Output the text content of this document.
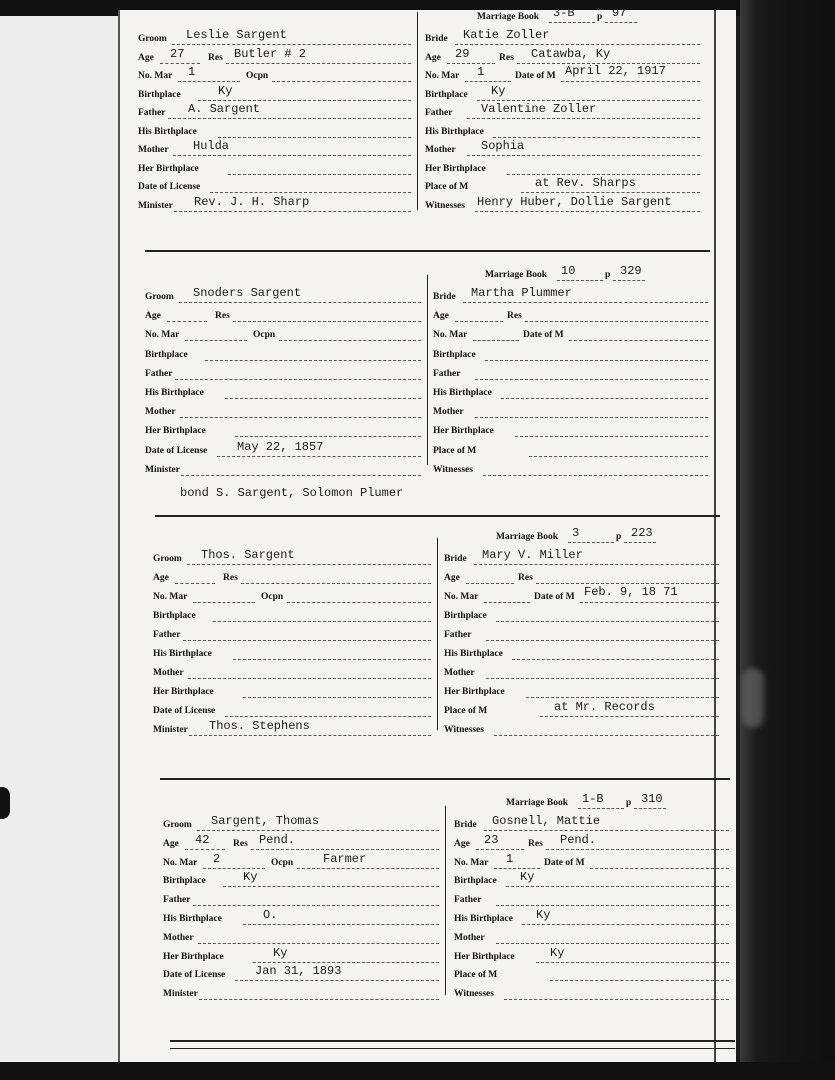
Marriage Book 3-B p 97
Groom Leslie Sargent
Age 27 Res Butler # 2
No. Mar 1	Ocpn
Birthplace	Ky
Father A. Sargent
His Birthplace
Mother Hulda
Her Birthplace
Date of License
Minister Rev. J. H. Sharp
Bride Katie Zoller
Age 29	Res Catawba, Ky
No. Mar 1	Date of M April 22, 1917
Birthplace Ky
Father Valentine Zoller
His Birthplace
Mother Sophia
Her Birthplace
Place of M	at Rev. Sharps
Witnesses Henry Huber, Dollie Sargent
Marriage Book 10	p 329
Groom Snoders Sargent
Age	Res
No. Mar	Ocpn
Birthplace
Father
His Birthplace
Mother
Her Birthplace
Date of License May 22, 1857
Minister
Bride Martha Plummer
Age	Res
No. Mar	Date of M
Birthplace
Father
His Birthplace
Mother
Her Birthplace
Place of M
Witnesses
bond S. Sargent, Solomon Plumer
Marriage Book 3	p 223
Groom Thos. Sargent
Age	Res
No. Mar	Ocpn
Birthplace
Father
His Birthplace
Mother
Her Birthplace
Date of License
Minister Thos. Stephens
Bride Mary V. Miller
Age	Res
No. Mar	Date of M Feb. 9, 18 71
Birthplace
Father
His Birthplace
Mother
Her Birthplace
Place of M	at Mr. Records
Witnesses
Marriage Book 1-B p 310
Groom Sargent, Thomas
Age 42 Res Pend.
No. Mar 2	Ocpn Farmer
Birthplace	Ky
Father
His Birthplace	O.
Mother
Her Birthplace	Ky
Date of License Jan 31, 1893
Minister
Bride Gosnell, Mattie
Age 23	Res Pend.
No. Mar 1	Date of M
Birthplace Ky
Father
His Birthplace Ky
Mother
Her Birthplace	Ky
Place of M
Witnesses
